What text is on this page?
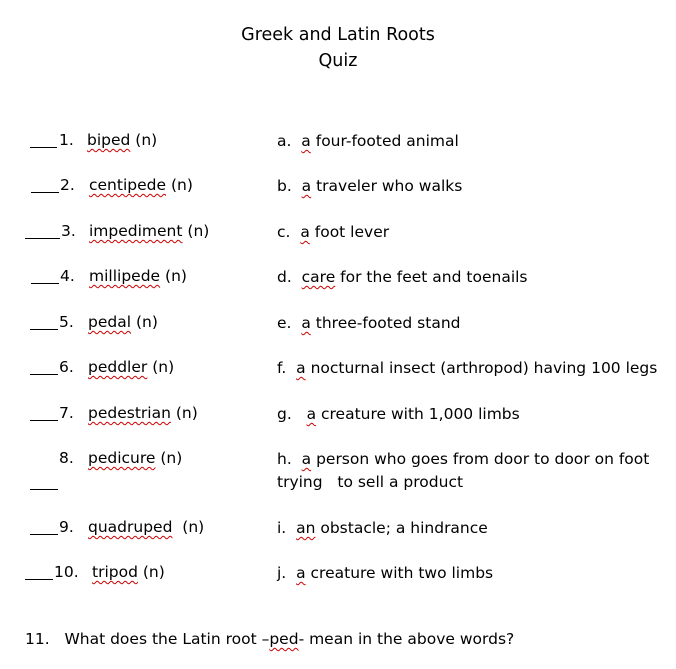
Greek and Latin Roots
Quiz
1. biped (n)	a. a four-footed animal
2. centipede (n)	b. a traveler who walks
3. impediment (n)	c. a foot lever
4. millipede (n)	d. care for the feet and toenails
5. pedal (n)	e. a three-footed stand
6. peddler (n)	f. a nocturnal insect (arthropod) having 100 legs
7. pedestrian (n)	g. a creature with 1,000 limbs
8. pedicure (n)	h. a person who goes from door to door on foot trying   to sell a product
9. quadruped (n)	i. an obstacle; a hindrance
10. tripod (n)	j. a creature with two limbs
11. What does the Latin root –ped- mean in the above words?
